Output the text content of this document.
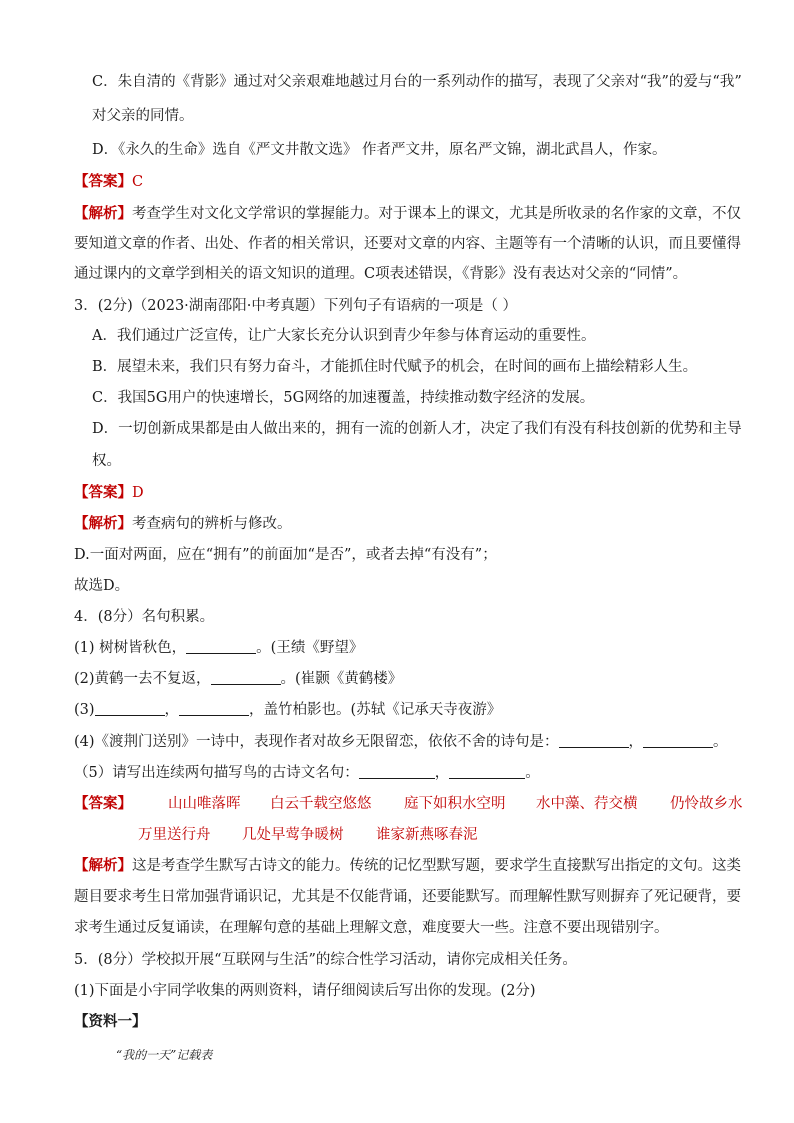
C．朱自清的《背影》通过对父亲艰难地越过月台的一系列动作的描写，表现了父亲对“我”的爱与“我”
对父亲的同情。
D．《永久的生命》选自《严文井散文选》 作者严文井，原名严文锦，湖北武昌人，作家。
【答案】C
【解析】考查学生对文化文学常识的掌握能力。对于课本上的课文，尤其是所收录的名作家的文章，不仅
要知道文章的作者、出处、作者的相关常识，还要对文章的内容、主题等有一个清晰的认识，而且要懂得
通过课内的文章学到相关的语文知识的道理。C项表述错误，《背影》没有表达对父亲的“同情”。
3．(2分)（2023·湖南邵阳·中考真题）下列句子有语病的一项是（ ）
A．我们通过广泛宣传，让广大家长充分认识到青少年参与体育运动的重要性。
B．展望未来，我们只有努力奋斗，才能抓住时代赋予的机会，在时间的画布上描绘精彩人生。
C．我国5G用户的快速增长，5G网络的加速覆盖，持续推动数字经济的发展。
D．一切创新成果都是由人做出来的，拥有一流的创新人才，决定了我们有没有科技创新的优势和主导
权。
【答案】D
【解析】考查病句的辨析与修改。
D.一面对两面，应在“拥有”的前面加“是否”，或者去掉“有没有”；
故选D。
4．(8分）名句积累。
(1) 树树皆秋色，	。(王绩《野望》
(2)黄鹤一去不复返，	。(崔颢《黄鹤楼》
(3)	，	，盖竹柏影也。(苏轼《记承天寺夜游》
(4)《渡荆门送别》一诗中，表现作者对故乡无限留恋，依依不舍的诗句是：	，	。
（5）请写出连续两句描写鸟的古诗文名句：	，	。
【答案】 山山唯落晖 白云千载空悠悠 庭下如积水空明 水中藻、荇交横 仍怜故乡水
万里送行舟 几处早莺争暖树 谁家新燕啄春泥
【解析】这是考查学生默写古诗文的能力。传统的记忆型默写题，要求学生直接默写出指定的文句。这类
题目要求考生日常加强背诵识记，尤其是不仅能背诵，还要能默写。而理解性默写则摒弃了死记硬背，要
求考生通过反复诵读，在理解句意的基础上理解文意，难度要大一些。注意不要出现错别字。
5．(8分）学校拟开展“互联网与生活”的综合性学习活动，请你完成相关任务。
(1)下面是小宇同学收集的两则资料，请仔细阅读后写出你的发现。(2分)
【资料一】
“我的一天”记载表
